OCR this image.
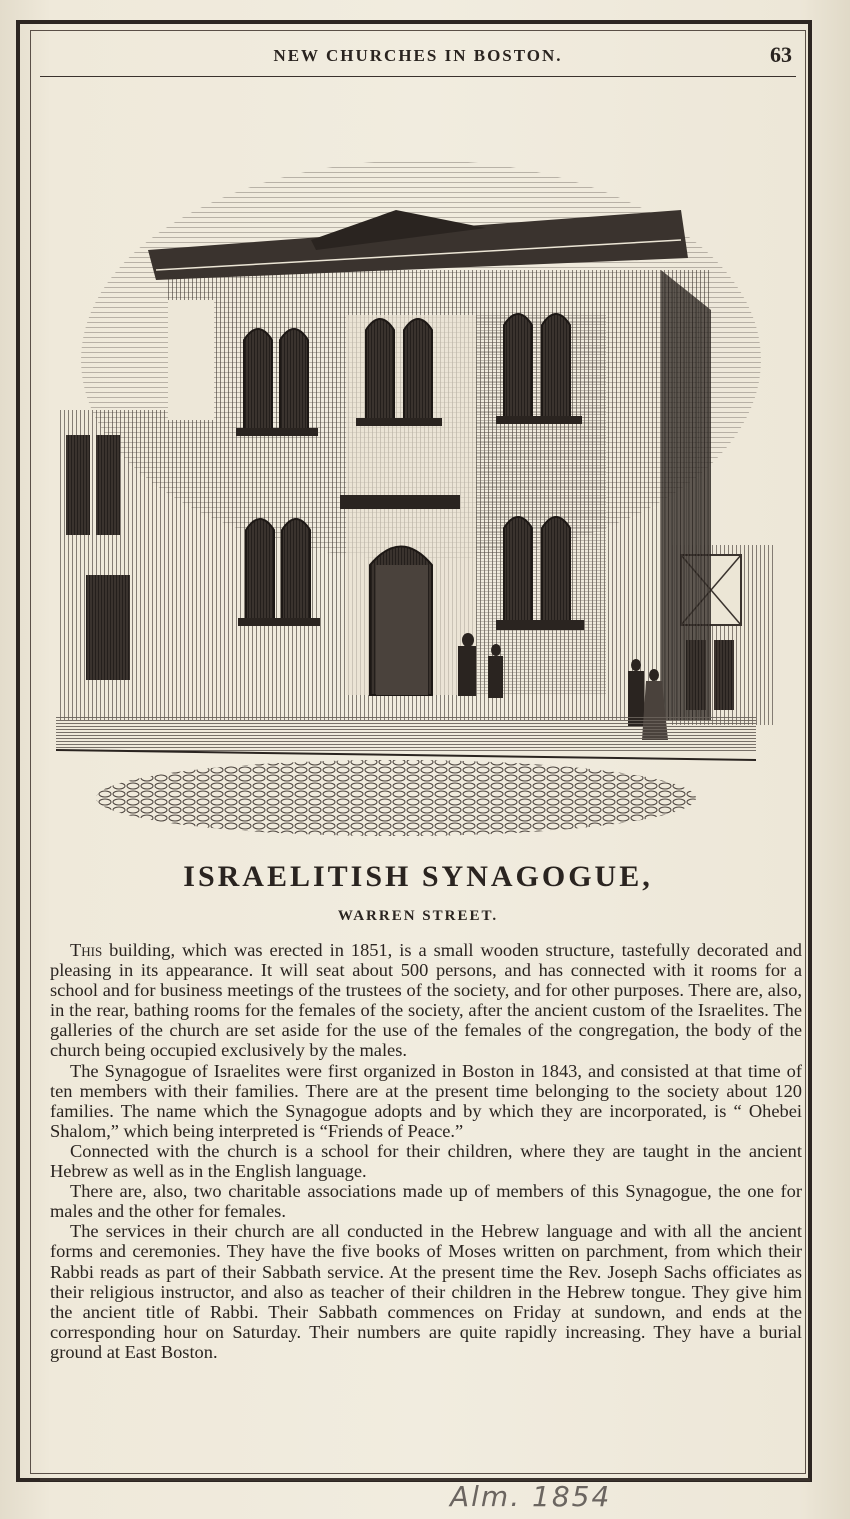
NEW CHURCHES IN BOSTON.	63
ISRAELITISH SYNAGOGUE,
WARREN STREET.

This building, which was erected in 1851, is a small wooden structure, tastefully decorated and pleasing in its appearance. It will seat about 500 persons, and has connected with it rooms for a school and for business meetings of the trustees of the society, and for other purposes. There are, also, in the rear, bathing rooms for the females of the society, after the ancient custom of the Israelites. The galleries of the church are set aside for the use of the females of the congregation, the body of the church being occupied exclusively by the males.

The Synagogue of Israelites were first organized in Boston in 1843, and consisted at that time of ten members with their families. There are at the present time belonging to the society about 120 families. The name which the Synagogue adopts and by which they are incorporated, is “ Ohebei Shalom,” which being interpreted is “Friends of Peace.”

Connected with the church is a school for their children, where they are taught in the ancient Hebrew as well as in the English language.

There are, also, two charitable associations made up of members of this Synagogue, the one for males and the other for females.

The services in their church are all conducted in the Hebrew language and with all the ancient forms and ceremonies. They have the five books of Moses written on parchment, from which their Rabbi reads as part of their Sabbath service. At the present time the Rev. Joseph Sachs officiates as their religious instructor, and also as teacher of their children in the Hebrew tongue. They give him the ancient title of Rabbi. Their Sabbath commences on Friday at sundown, and ends at the corresponding hour on Saturday. Their numbers are quite rapidly increasing. They have a burial ground at East Boston.

Alm. 1854
